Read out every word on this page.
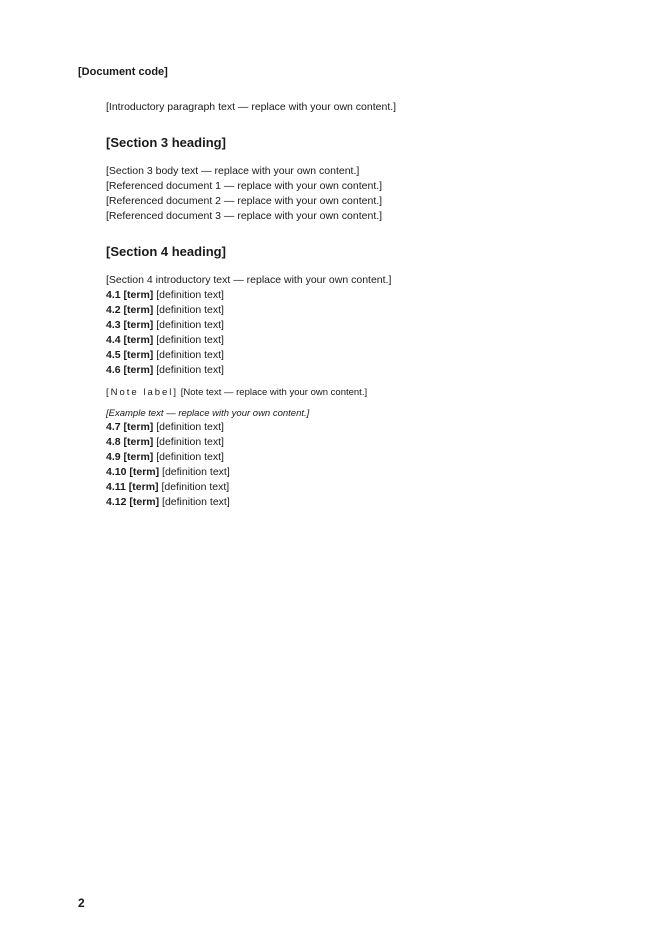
[Document code]

[Introductory paragraph text — replace with your own content.]

[Section 3 heading]

[Section 3 body text — replace with your own content.]

[Referenced document 1 — replace with your own content.]

[Referenced document 2 — replace with your own content.]

[Referenced document 3 — replace with your own content.]

[Section 4 heading]

[Section 4 introductory text — replace with your own content.]

4.1 [term] [definition text]

4.2 [term] [definition text]

4.3 [term] [definition text]

4.4 [term] [definition text]

4.5 [term] [definition text]

4.6 [term] [definition text]

[Note label] [Note text — replace with your own content.]

[Example text — replace with your own content.]

4.7 [term] [definition text]

4.8 [term] [definition text]

4.9 [term] [definition text]

4.10 [term] [definition text]

4.11 [term] [definition text]

4.12 [term] [definition text]

2
